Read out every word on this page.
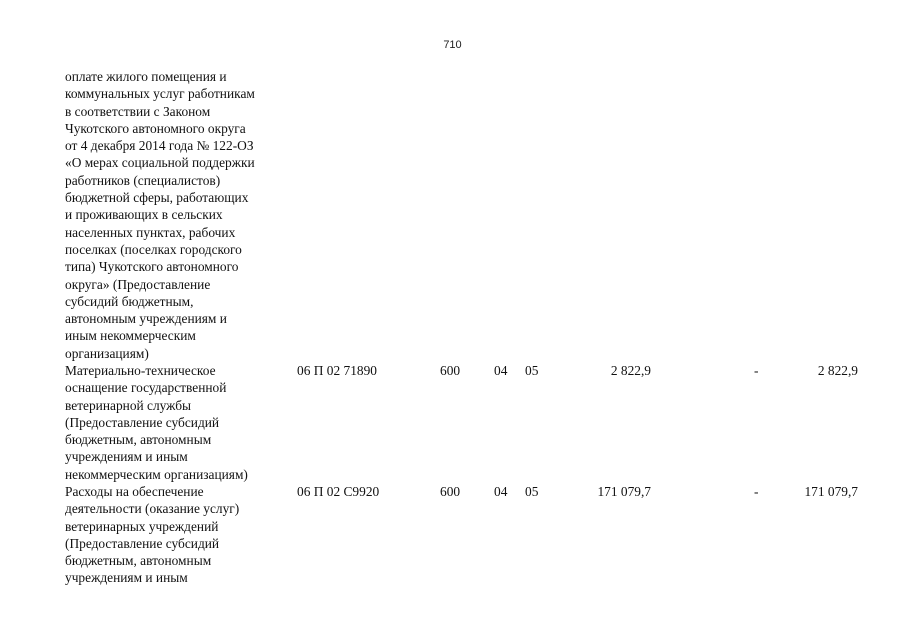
710
оплате жилого помещения и
коммунальных услуг работникам
в соответствии с Законом
Чукотского автономного округа
от 4 декабря 2014 года № 122-ОЗ
«О мерах социальной поддержки
работников (специалистов)
бюджетной сферы, работающих
и проживающих в сельских
населенных пунктах, рабочих
поселках (поселках городского
типа) Чукотского автономного
округа» (Предоставление
субсидий бюджетным,
автономным учреждениям и
иным некоммерческим
организациям)
Материально-техническое
оснащение государственной
ветеринарной службы
(Предоставление субсидий
бюджетным, автономным
учреждениям и иным
некоммерческим организациям)
06 П 02 71890	600	04 05	2 822,9	-	2 822,9
Расходы на обеспечение
деятельности (оказание услуг)
ветеринарных учреждений
(Предоставление субсидий
бюджетным, автономным
учреждениям и иным
06 П 02 С9920	600	04 05	171 079,7	-	171 079,7
